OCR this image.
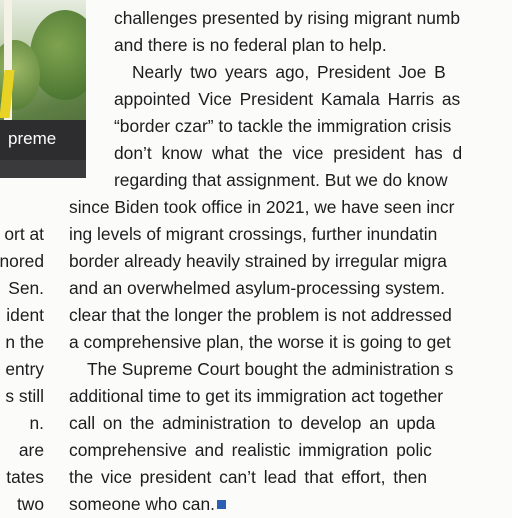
preme
ort at
nored
Sen.
ident
n the
entry
s still
n.
are
tates
two
challenges presented by rising migrant numb
and there is no federal plan to help.
Nearly two years ago, President Joe B
appointed Vice President Kamala Harris as
“border czar” to tackle the immigration crisis
don’t know what the vice president has d
regarding that assignment. But we do know
since Biden took office in 2021, we have seen incr
ing levels of migrant crossings, further inundatin
border already heavily strained by irregular migra
and an overwhelmed asylum-processing system.
clear that the longer the problem is not addressed
a comprehensive plan, the worse it is going to get
The Supreme Court bought the administration s
additional time to get its immigration act together
call on the administration to develop an upda
comprehensive and realistic immigration polic
the vice president can’t lead that effort, then
someone who can.
